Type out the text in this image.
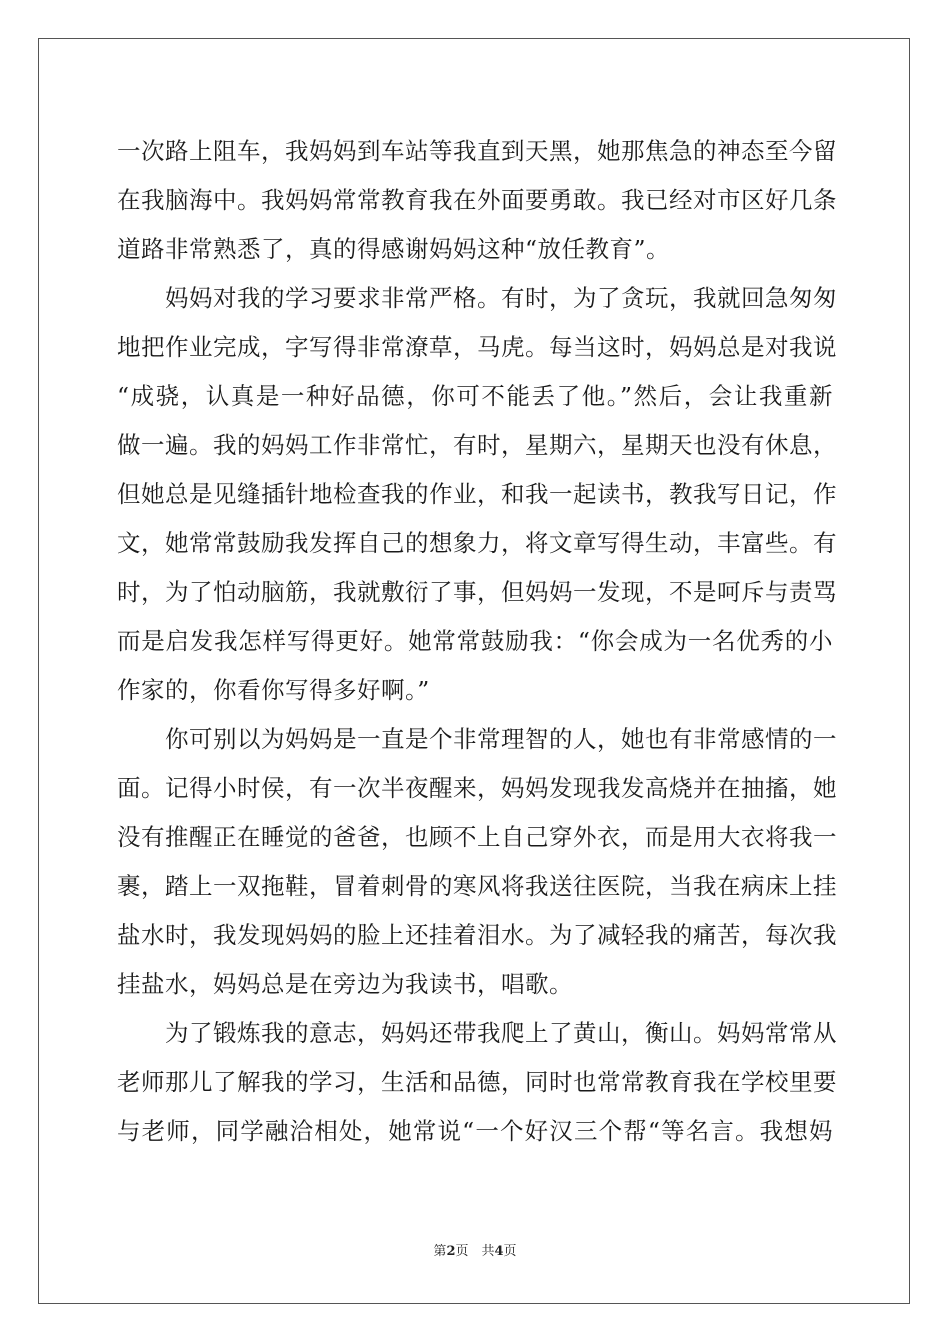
一次路上阻车，我妈妈到车站等我直到天黑，她那焦急的神态至今留
在我脑海中。我妈妈常常教育我在外面要勇敢。我已经对市区好几条
道路非常熟悉了，真的得感谢妈妈这种“放任教育”。
妈妈对我的学习要求非常严格。有时，为了贪玩，我就回急匆匆
地把作业完成，字写得非常潦草，马虎。每当这时，妈妈总是对我说
“成骁，认真是一种好品德，你可不能丢了他。”然后，会让我重新
做一遍。我的妈妈工作非常忙，有时，星期六，星期天也没有休息，
但她总是见缝插针地检查我的作业，和我一起读书，教我写日记，作
文，她常常鼓励我发挥自己的想象力，将文章写得生动，丰富些。有
时，为了怕动脑筋，我就敷衍了事，但妈妈一发现，不是呵斥与责骂
而是启发我怎样写得更好。她常常鼓励我：“你会成为一名优秀的小
作家的，你看你写得多好啊。”
你可别以为妈妈是一直是个非常理智的人，她也有非常感情的一
面。记得小时侯，有一次半夜醒来，妈妈发现我发高烧并在抽搐，她
没有推醒正在睡觉的爸爸，也顾不上自己穿外衣，而是用大衣将我一
裹，踏上一双拖鞋，冒着刺骨的寒风将我送往医院，当我在病床上挂
盐水时，我发现妈妈的脸上还挂着泪水。为了减轻我的痛苦，每次我
挂盐水，妈妈总是在旁边为我读书，唱歌。
为了锻炼我的意志，妈妈还带我爬上了黄山，衡山。妈妈常常从
老师那儿了解我的学习，生活和品德，同时也常常教育我在学校里要
与老师，同学融洽相处，她常说“一个好汉三个帮“等名言。我想妈
第2页　共4页
